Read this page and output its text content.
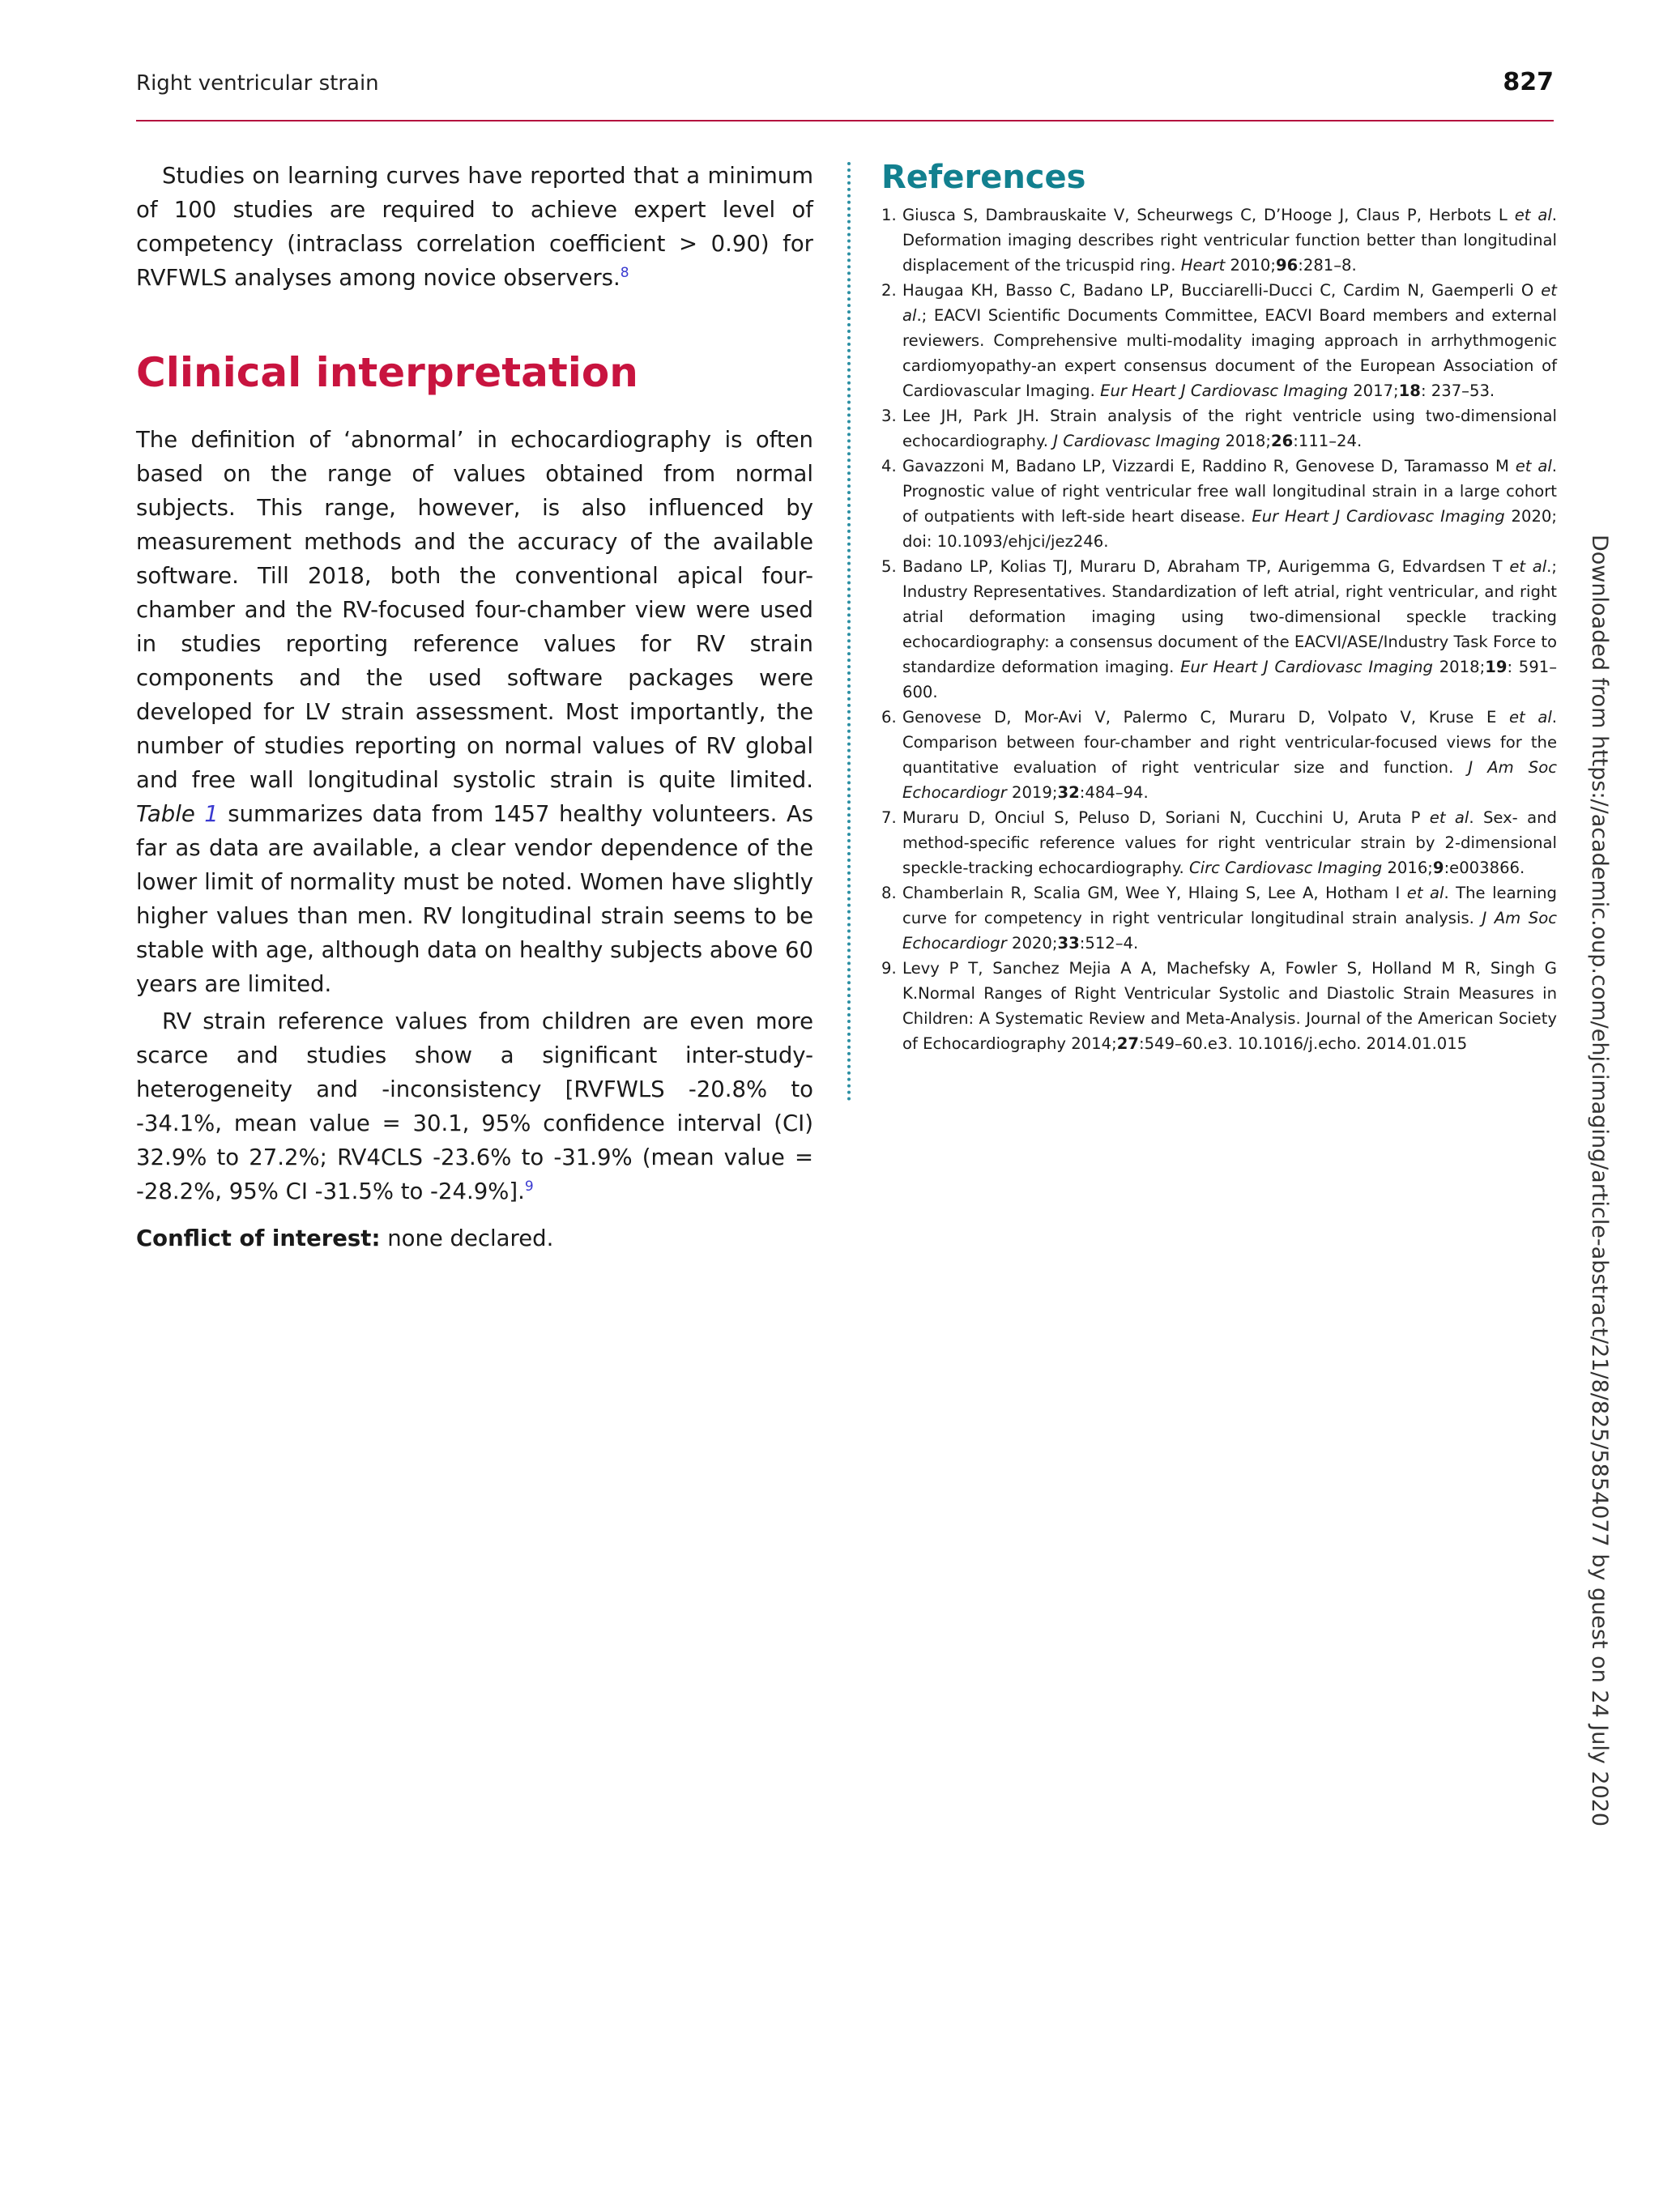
Right ventricular strain	827

Studies on learning curves have reported that a minimum of 100 studies are required to achieve expert level of competency (intraclass correlation coefficient > 0.90) for RVFWLS analyses among novice observers.$^8$

Clinical interpretation

The definition of ‘abnormal’ in echocardiography is often based on the range of values obtained from normal subjects. This range, however, is also influenced by measurement methods and the accuracy of the available software. Till 2018, both the conventional apical four-chamber and the RV-focused four-chamber view were used in studies reporting reference values for RV strain components and the used software packages were developed for LV strain assessment. Most importantly, the number of studies reporting on normal values of RV global and free wall longitudinal systolic strain is quite limited. Table 1 summarizes data from 1457 healthy volunteers. As far as data are available, a clear vendor dependence of the lower limit of normality must be noted. Women have slightly higher values than men. RV longitudinal strain seems to be stable with age, although data on healthy subjects above 60 years are limited.

RV strain reference values from children are even more scarce and studies show a significant inter-study-heterogeneity and -inconsistency [RVFWLS -20.8% to -34.1%, mean value = 30.1, 95% confidence interval (CI) 32.9% to 27.2%; RV4CLS -23.6% to -31.9% (mean value = -28.2%, 95% CI -31.5% to -24.9%].$^9$

Conflict of interest: none declared.

References
1. Giusca S, Dambrauskaite V, Scheurwegs C, D’Hooge J, Claus P, Herbots L et al. Deformation imaging describes right ventricular function better than longitudinal displacement of the tricuspid ring. Heart 2010;96:281–8.
2. Haugaa KH, Basso C, Badano LP, Bucciarelli-Ducci C, Cardim N, Gaemperli O et al.; EACVI Scientific Documents Committee, EACVI Board members and external reviewers. Comprehensive multi-modality imaging approach in arrhythmogenic cardiomyopathy-an expert consensus document of the European Association of Cardiovascular Imaging. Eur Heart J Cardiovasc Imaging 2017;18: 237–53.
3. Lee JH, Park JH. Strain analysis of the right ventricle using two-dimensional echocardiography. J Cardiovasc Imaging 2018;26:111–24.
4. Gavazzoni M, Badano LP, Vizzardi E, Raddino R, Genovese D, Taramasso M et al. Prognostic value of right ventricular free wall longitudinal strain in a large cohort of outpatients with left-side heart disease. Eur Heart J Cardiovasc Imaging 2020; doi: 10.1093/ehjci/jez246.
5. Badano LP, Kolias TJ, Muraru D, Abraham TP, Aurigemma G, Edvardsen T et al.; Industry Representatives. Standardization of left atrial, right ventricular, and right atrial deformation imaging using two-dimensional speckle tracking echocardiography: a consensus document of the EACVI/ASE/Industry Task Force to standardize deformation imaging. Eur Heart J Cardiovasc Imaging 2018;19: 591–600.
6. Genovese D, Mor-Avi V, Palermo C, Muraru D, Volpato V, Kruse E et al. Comparison between four-chamber and right ventricular-focused views for the quantitative evaluation of right ventricular size and function. J Am Soc Echocardiogr 2019;32:484–94.
7. Muraru D, Onciul S, Peluso D, Soriani N, Cucchini U, Aruta P et al. Sex- and method-specific reference values for right ventricular strain by 2-dimensional speckle-tracking echocardiography. Circ Cardiovasc Imaging 2016;9:e003866.
8. Chamberlain R, Scalia GM, Wee Y, Hlaing S, Lee A, Hotham I et al. The learning curve for competency in right ventricular longitudinal strain analysis. J Am Soc Echocardiogr 2020;33:512–4.
9. Levy P T, Sanchez Mejia A A, Machefsky A, Fowler S, Holland M R, Singh G K.Normal Ranges of Right Ventricular Systolic and Diastolic Strain Measures in Children: A Systematic Review and Meta-Analysis. Journal of the American Society of Echocardiography 2014;27:549–60.e3. 10.1016/j.echo. 2014.01.015	Downloaded from https://academic.oup.com/ehjcimaging/article-abstract/21/8/825/5854077 by guest on 24 July 2020
